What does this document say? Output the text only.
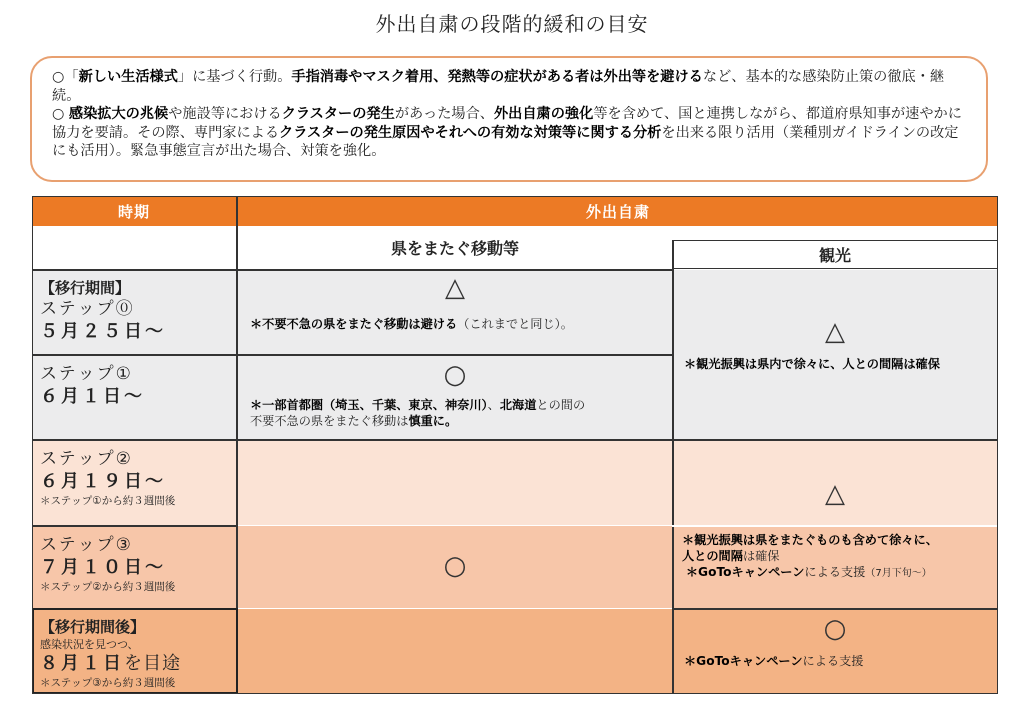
外出自粛の段階的緩和の目安

○「新しい生活様式」に基づく行動。手指消毒やマスク着用、発熱等の症状がある者は外出等を避けるなど、基本的な感染防止策の徹底・継続。

○ 感染拡大の兆候や施設等におけるクラスターの発生があった場合、外出自粛の強化等を含めて、国と連携しながら、都道府県知事が速やかに協力を要請。その際、専門家によるクラスターの発生原因やそれへの有効な対策等に関する分析を出来る限り活用（業種別ガイドラインの改定にも活用）。緊急事態宣言が出た場合、対策を強化。

時期	外出自粛
県をまたぐ移動等	観光
【移行期間】
ステップ⓪
５月２５日〜
ステップ①
６月１日〜
ステップ②
６月１９日〜
＊ステップ①から約３週間後
ステップ③
７月１０日〜
＊ステップ②から約３週間後
【移行期間後】
感染状況を見つつ、
８月１日を目途
＊ステップ③から約３週間後
△
＊不要不急の県をまたぐ移動は避ける（これまでと同じ）。
○
＊一部首都圏（埼玉、千葉、東京、神奈川）、北海道との間の
不要不急の県をまたぐ移動は慎重に。
○
△
＊観光振興は県内で徐々に、人との間隔は確保
△
＊観光振興は県をまたぐものも含めて徐々に、
人との間隔は確保
＊GoToキャンペーンによる支援（7月下旬〜）
○
＊GoToキャンペーンによる支援
